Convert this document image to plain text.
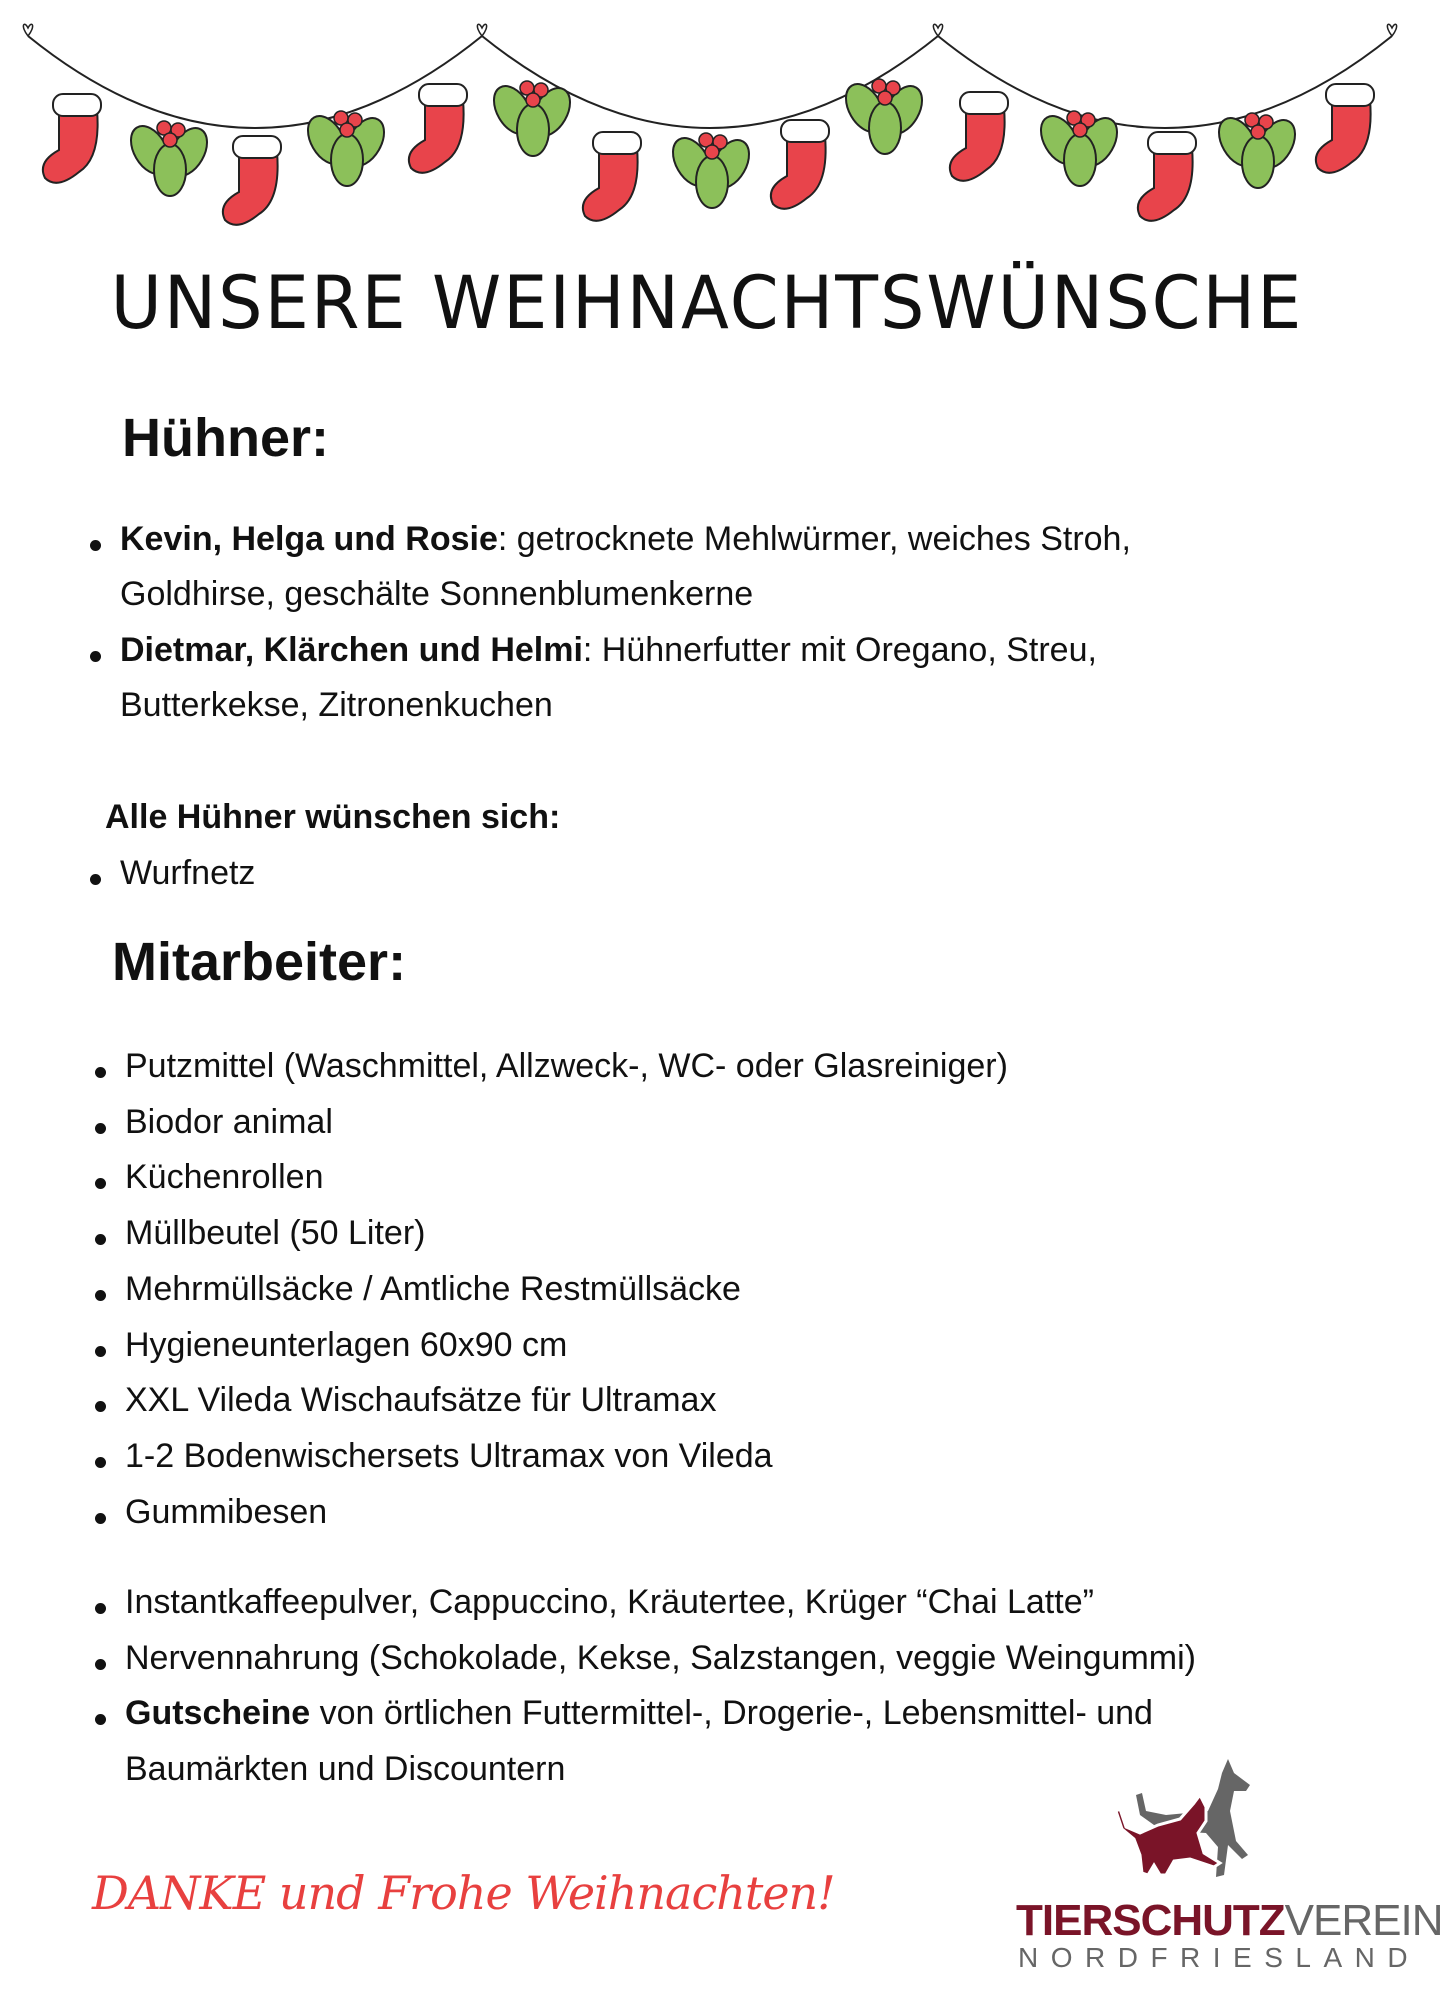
UNSERE WEIHNACHTSWÜNSCHE
Hühner:
Kevin, Helga und Rosie: getrocknete Mehlwürmer, weiches Stroh,
Goldhirse, geschälte Sonnenblumenkerne
Dietmar, Klärchen und Helmi: Hühnerfutter mit Oregano, Streu,
Butterkekse, Zitronenkuchen
Alle Hühner wünschen sich:
Wurfnetz
Mitarbeiter:
Putzmittel (Waschmittel, Allzweck-, WC- oder Glasreiniger)
Biodor animal
Küchenrollen
Müllbeutel (50 Liter)
Mehrmüllsäcke / Amtliche Restmüllsäcke
Hygieneunterlagen 60x90 cm
XXL Vileda Wischaufsätze für Ultramax
1-2 Bodenwischersets Ultramax von Vileda
Gummibesen
Instantkaffeepulver, Cappuccino, Kräutertee, Krüger “Chai Latte”
Nervennahrung (Schokolade, Kekse, Salzstangen, veggie Weingummi)
Gutscheine von örtlichen Futtermittel-, Drogerie-, Lebensmittel- und
Baumärkten und Discountern
DANKE und Frohe Weihnachten!
TIERSCHUTZVEREIN
NORDFRIESLAND
